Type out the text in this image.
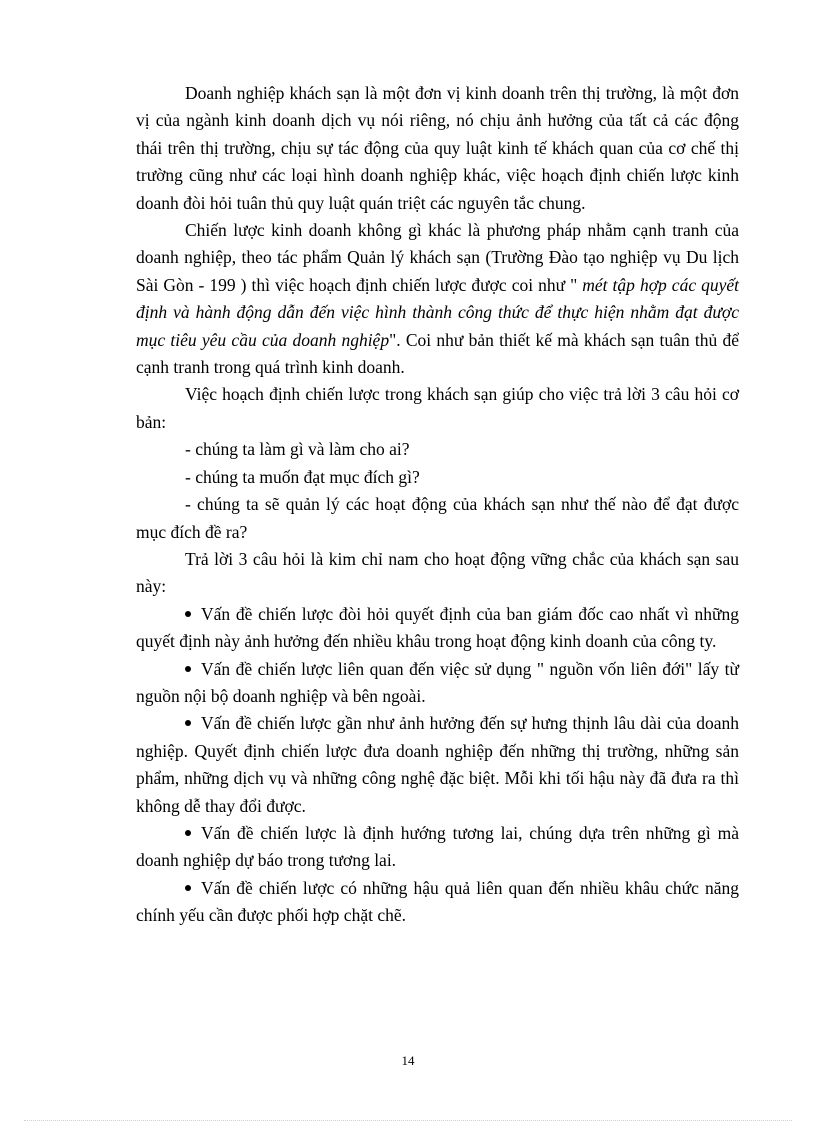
Doanh nghiệp khách sạn là một đơn vị kinh doanh trên thị trường, là một đơn vị của ngành kinh doanh dịch vụ nói riêng, nó chịu ảnh hưởng của tất cả các động thái trên thị trường, chịu sự tác động của quy luật kinh tế khách quan của cơ chế thị trường cũng như các loại hình doanh nghiệp khác, việc hoạch định chiến lược kinh doanh đòi hỏi tuân thủ quy luật quán triệt các nguyên tắc chung.

Chiến lược kinh doanh không gì khác là phương pháp nhằm cạnh tranh của doanh nghiệp, theo tác phẩm Quản lý khách sạn (Trường Đào tạo nghiệp vụ Du lịch Sài Gòn - 199 ) thì việc hoạch định chiến lược được coi như " mét tập hợp các quyết định và hành động dẫn đến việc hình thành công thức để thực hiện nhằm đạt được mục tiêu yêu cầu của doanh nghiệp". Coi như bản thiết kế mà khách sạn tuân thủ để cạnh tranh trong quá trình kinh doanh.

Việc hoạch định chiến lược trong khách sạn giúp cho việc trả lời 3 câu hỏi cơ bản:

- chúng ta làm gì và làm cho ai?

- chúng ta muốn đạt mục đích gì?

- chúng ta sẽ quản lý các hoạt động của khách sạn như thế nào để đạt được mục đích đề ra?

Trả lời 3 câu hỏi là kim chỉ nam cho hoạt động vững chắc của khách sạn sau này:

Vấn đề chiến lược đòi hỏi quyết định của ban giám đốc cao nhất vì những quyết định này ảnh hưởng đến nhiều khâu trong hoạt động kinh doanh của công ty.

Vấn đề chiến lược liên quan đến việc sử dụng " nguồn vốn liên đới" lấy từ nguồn nội bộ doanh nghiệp và bên ngoài.

Vấn đề chiến lược gần như ảnh hưởng đến sự hưng thịnh lâu dài của doanh nghiệp. Quyết định chiến lược đưa doanh nghiệp đến những thị trường, những sản phẩm, những dịch vụ và những công nghệ đặc biệt. Mỗi khi tối hậu này đã đưa ra thì không dễ thay đổi được.

Vấn đề chiến lược là định hướng tương lai, chúng dựa trên những gì mà doanh nghiệp dự báo trong tương lai.

Vấn đề chiến lược có những hậu quả liên quan đến nhiều khâu chức năng chính yếu cần được phối hợp chặt chẽ.

14
